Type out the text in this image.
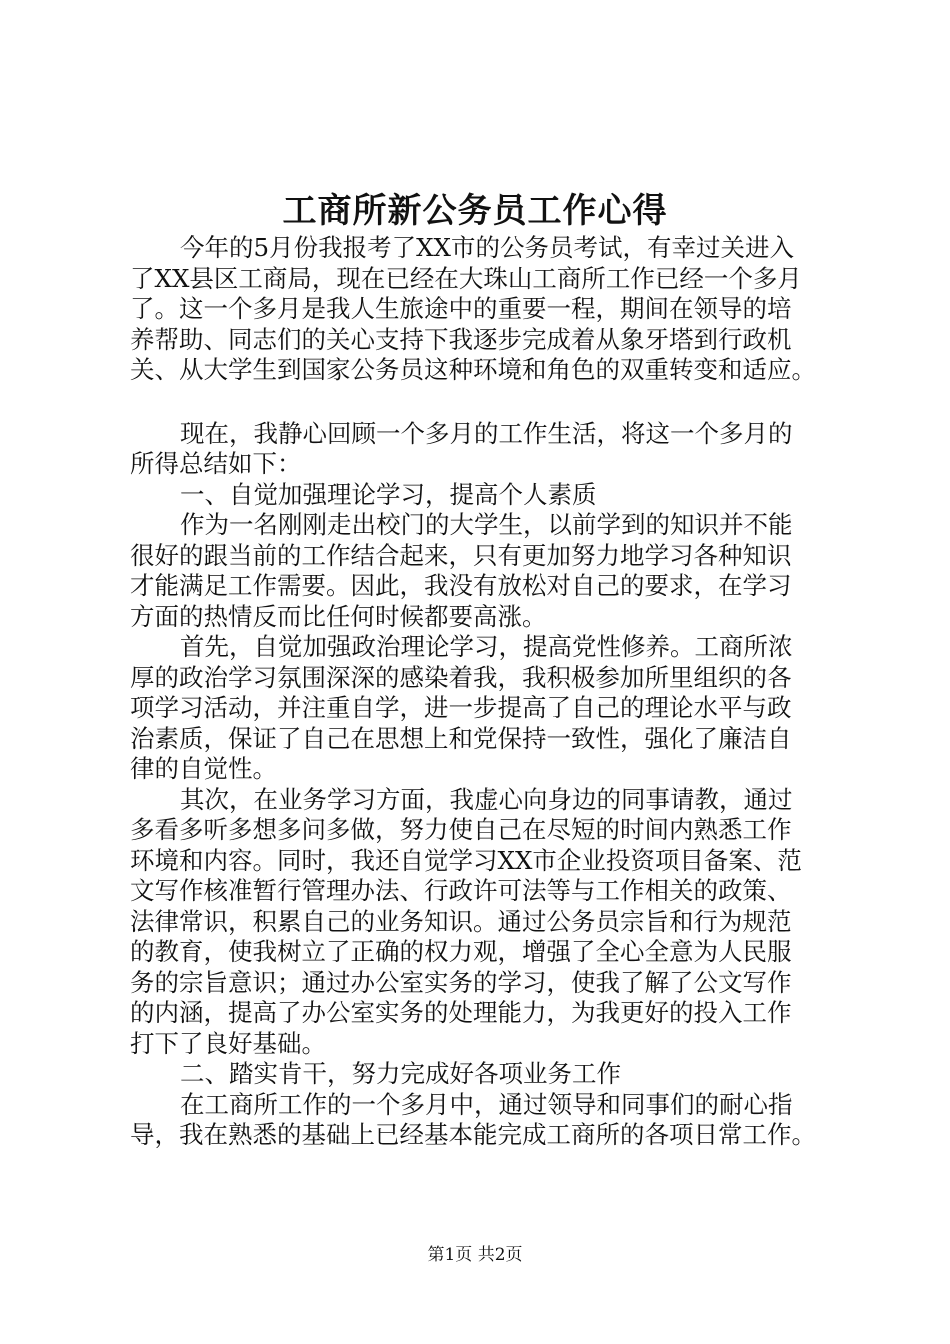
工商所新公务员工作心得
今年的5月份我报考了XX市的公务员考试，有幸过关进入
了XX县区工商局，现在已经在大珠山工商所工作已经一个多月
了。这一个多月是我人生旅途中的重要一程，期间在领导的培
养帮助、同志们的关心支持下我逐步完成着从象牙塔到行政机
关、从大学生到国家公务员这种环境和角色的双重转变和适应。
现在，我静心回顾一个多月的工作生活，将这一个多月的
所得总结如下：
一、自觉加强理论学习，提高个人素质
作为一名刚刚走出校门的大学生，以前学到的知识并不能
很好的跟当前的工作结合起来，只有更加努力地学习各种知识
才能满足工作需要。因此，我没有放松对自己的要求，在学习
方面的热情反而比任何时候都要高涨。
首先，自觉加强政治理论学习，提高党性修养。工商所浓
厚的政治学习氛围深深的感染着我，我积极参加所里组织的各
项学习活动，并注重自学，进一步提高了自己的理论水平与政
治素质，保证了自己在思想上和党保持一致性，强化了廉洁自
律的自觉性。
其次，在业务学习方面，我虚心向身边的同事请教，通过
多看多听多想多问多做，努力使自己在尽短的时间内熟悉工作
环境和内容。同时，我还自觉学习XX市企业投资项目备案、范
文写作核准暂行管理办法、行政许可法等与工作相关的政策、
法律常识，积累自己的业务知识。通过公务员宗旨和行为规范
的教育，使我树立了正确的权力观，增强了全心全意为人民服
务的宗旨意识；通过办公室实务的学习，使我了解了公文写作
的内涵，提高了办公室实务的处理能力，为我更好的投入工作
打下了良好基础。
二、踏实肯干，努力完成好各项业务工作
在工商所工作的一个多月中，通过领导和同事们的耐心指
导，我在熟悉的基础上已经基本能完成工商所的各项日常工作。
第1页 共2页
